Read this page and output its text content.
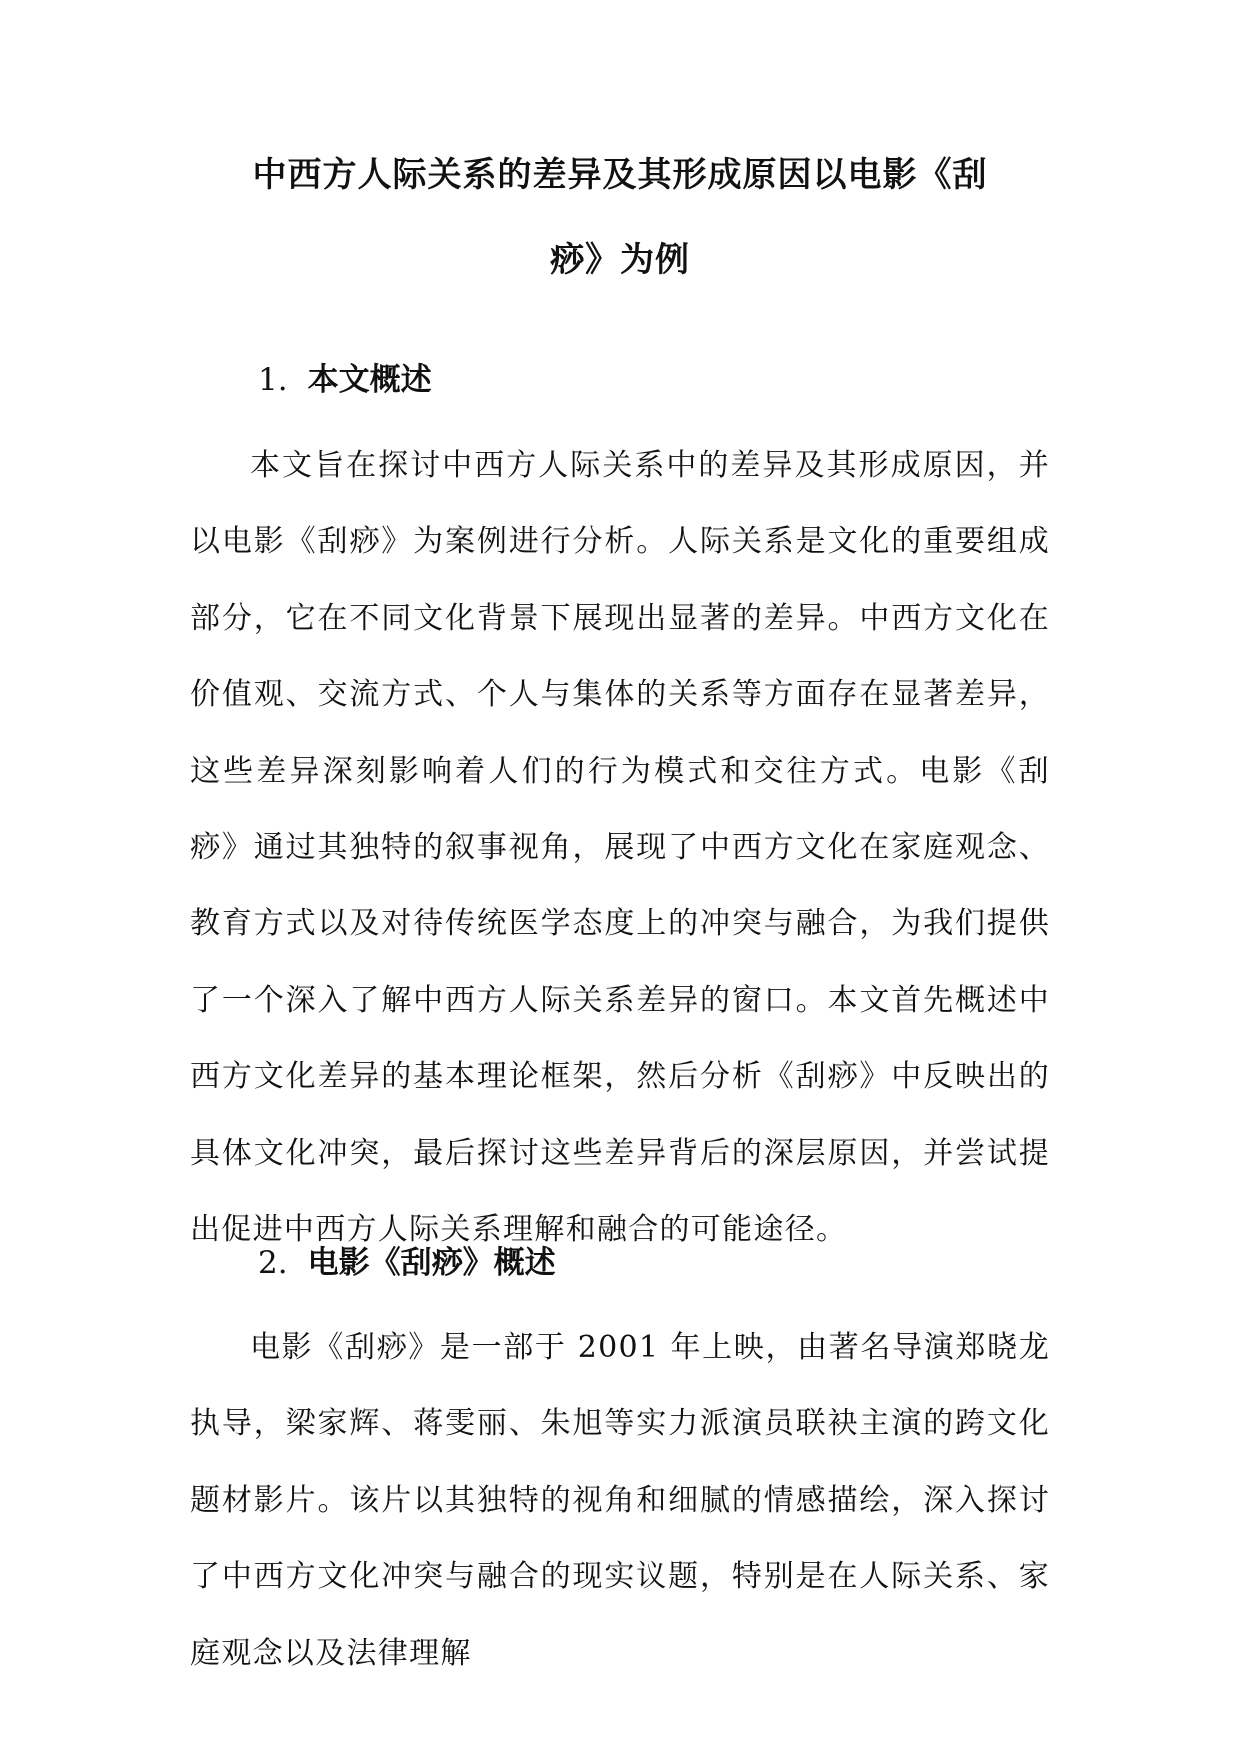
中西方人际关系的差异及其形成原因以电影《刮
痧》为例
1. 本文概述

本文旨在探讨中西方人际关系中的差异及其形成原因，并以电影《刮痧》为案例进行分析。人际关系是文化的重要组成部分，它在不同文化背景下展现出显著的差异。中西方文化在价值观、交流方式、个人与集体的关系等方面存在显著差异，这些差异深刻影响着人们的行为模式和交往方式。电影《刮痧》通过其独特的叙事视角，展现了中西方文化在家庭观念、教育方式以及对待传统医学态度上的冲突与融合，为我们提供了一个深入了解中西方人际关系差异的窗口。本文首先概述中西方文化差异的基本理论框架，然后分析《刮痧》中反映出的具体文化冲突，最后探讨这些差异背后的深层原因，并尝试提出促进中西方人际关系理解和融合的可能途径。

2. 电影《刮痧》概述

电影《刮痧》是一部于 2001 年上映，由著名导演郑晓龙执导，梁家辉、蒋雯丽、朱旭等实力派演员联袂主演的跨文化题材影片。该片以其独特的视角和细腻的情感描绘，深入探讨了中西方文化冲突与融合的现实议题，特别是在人际关系、家庭观念以及法律理解
